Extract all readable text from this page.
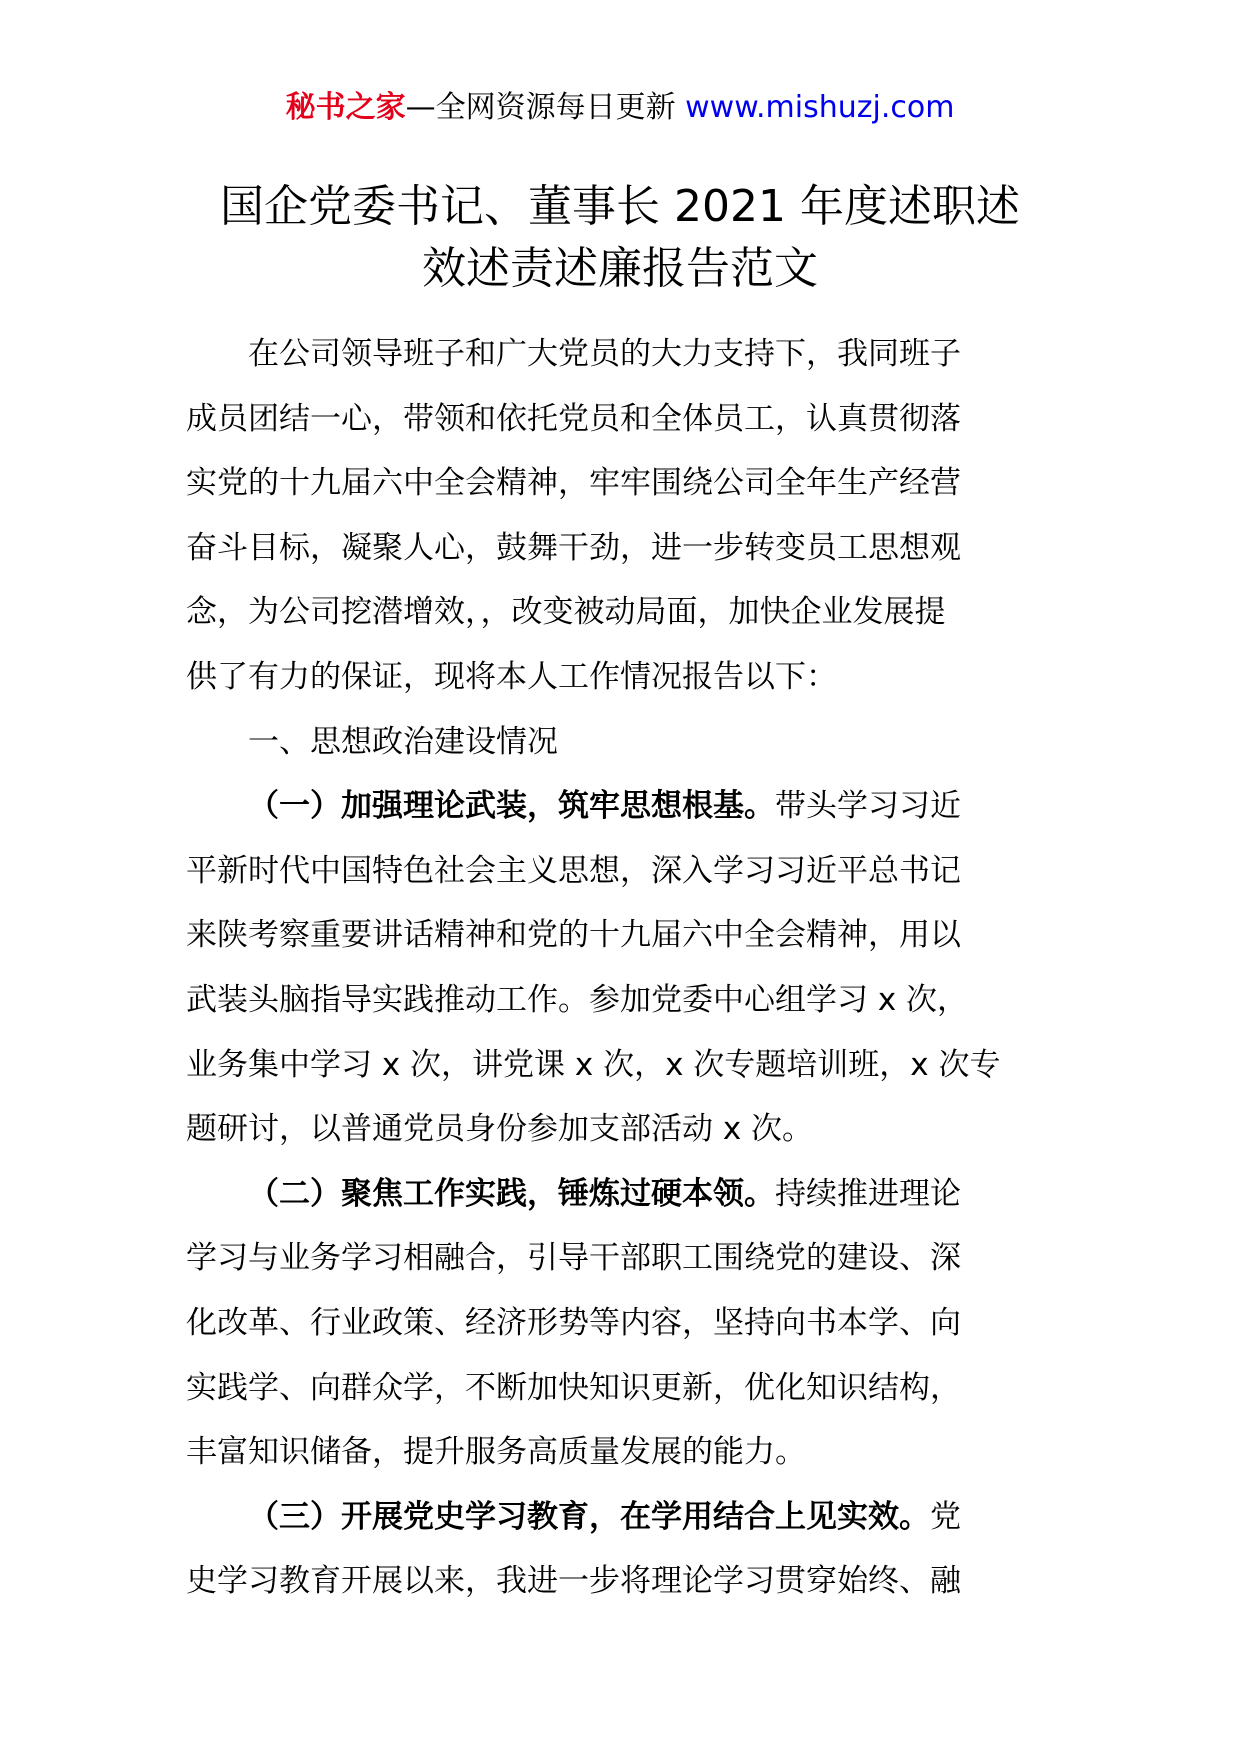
秘书之家—全网资源每日更新 www.mishuzj.com
国企党委书记、董事长 2021 年度述职述
效述责述廉报告范文

在公司领导班子和广大党员的大力支持下，我同班子
成员团结一心，带领和依托党员和全体员工，认真贯彻落
实党的十九届六中全会精神，牢牢围绕公司全年生产经营
奋斗目标，凝聚人心，鼓舞干劲，进一步转变员工思想观
念，为公司挖潜增效，，改变被动局面，加快企业发展提
供了有力的保证，现将本人工作情况报告以下：

一、思想政治建设情况

（一）加强理论武装，筑牢思想根基。带头学习习近
平新时代中国特色社会主义思想，深入学习习近平总书记
来陕考察重要讲话精神和党的十九届六中全会精神，用以
武装头脑指导实践推动工作。参加党委中心组学习 x 次，
业务集中学习 x 次，讲党课 x 次，x 次专题培训班，x 次专
题研讨，以普通党员身份参加支部活动 x 次。

（二）聚焦工作实践，锤炼过硬本领。持续推进理论
学习与业务学习相融合，引导干部职工围绕党的建设、深
化改革、行业政策、经济形势等内容，坚持向书本学、向
实践学、向群众学，不断加快知识更新，优化知识结构，
丰富知识储备，提升服务高质量发展的能力。

（三）开展党史学习教育，在学用结合上见实效。党
史学习教育开展以来，我进一步将理论学习贯穿始终、融
